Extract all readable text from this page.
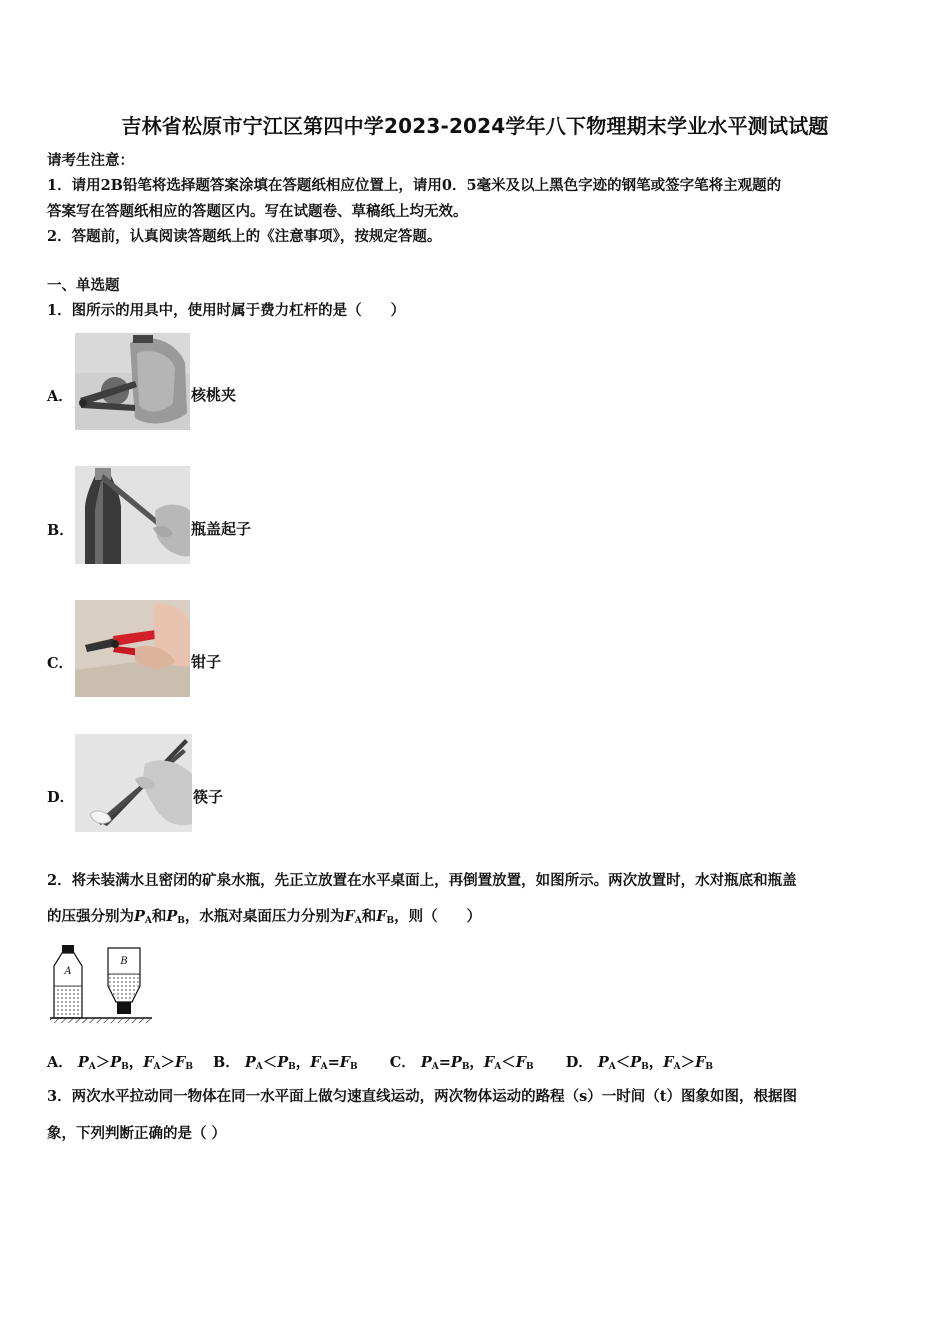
吉林省松原市宁江区第四中学2023-2024学年八下物理期末学业水平测试试题
请考生注意：
1．请用2B铅笔将选择题答案涂填在答题纸相应位置上，请用0．5毫米及以上黑色字迹的钢笔或签字笔将主观题的
答案写在答题纸相应的答题区内。写在试题卷、草稿纸上均无效。
2．答题前，认真阅读答题纸上的《注意事项》，按规定答题。
一、单选题
1．图所示的用具中，使用时属于费力杠杆的是（　　）
A．	核桃夹
B．	瓶盖起子
C．	钳子
D．	筷子
2．将未装满水且密闭的矿泉水瓶，先正立放置在水平桌面上，再倒置放置，如图所示。两次放置时，水对瓶底和瓶盖
的压强分别为$P_A$和$P_B$，水瓶对桌面压力分别为$F_A$和$F_B$，则（　　）
A
B
A． $P_A>P_B$，$F_A>F_B$ B． $P_A<P_B$，$F_A=F_B$ C． $P_A=P_B$，$F_A<F_B$ D． $P_A<P_B$，$F_A>F_B$
3．两次水平拉动同一物体在同一水平面上做匀速直线运动，两次物体运动的路程（s）一时间（t）图象如图，根据图
象，下列判断正确的是（ ）
